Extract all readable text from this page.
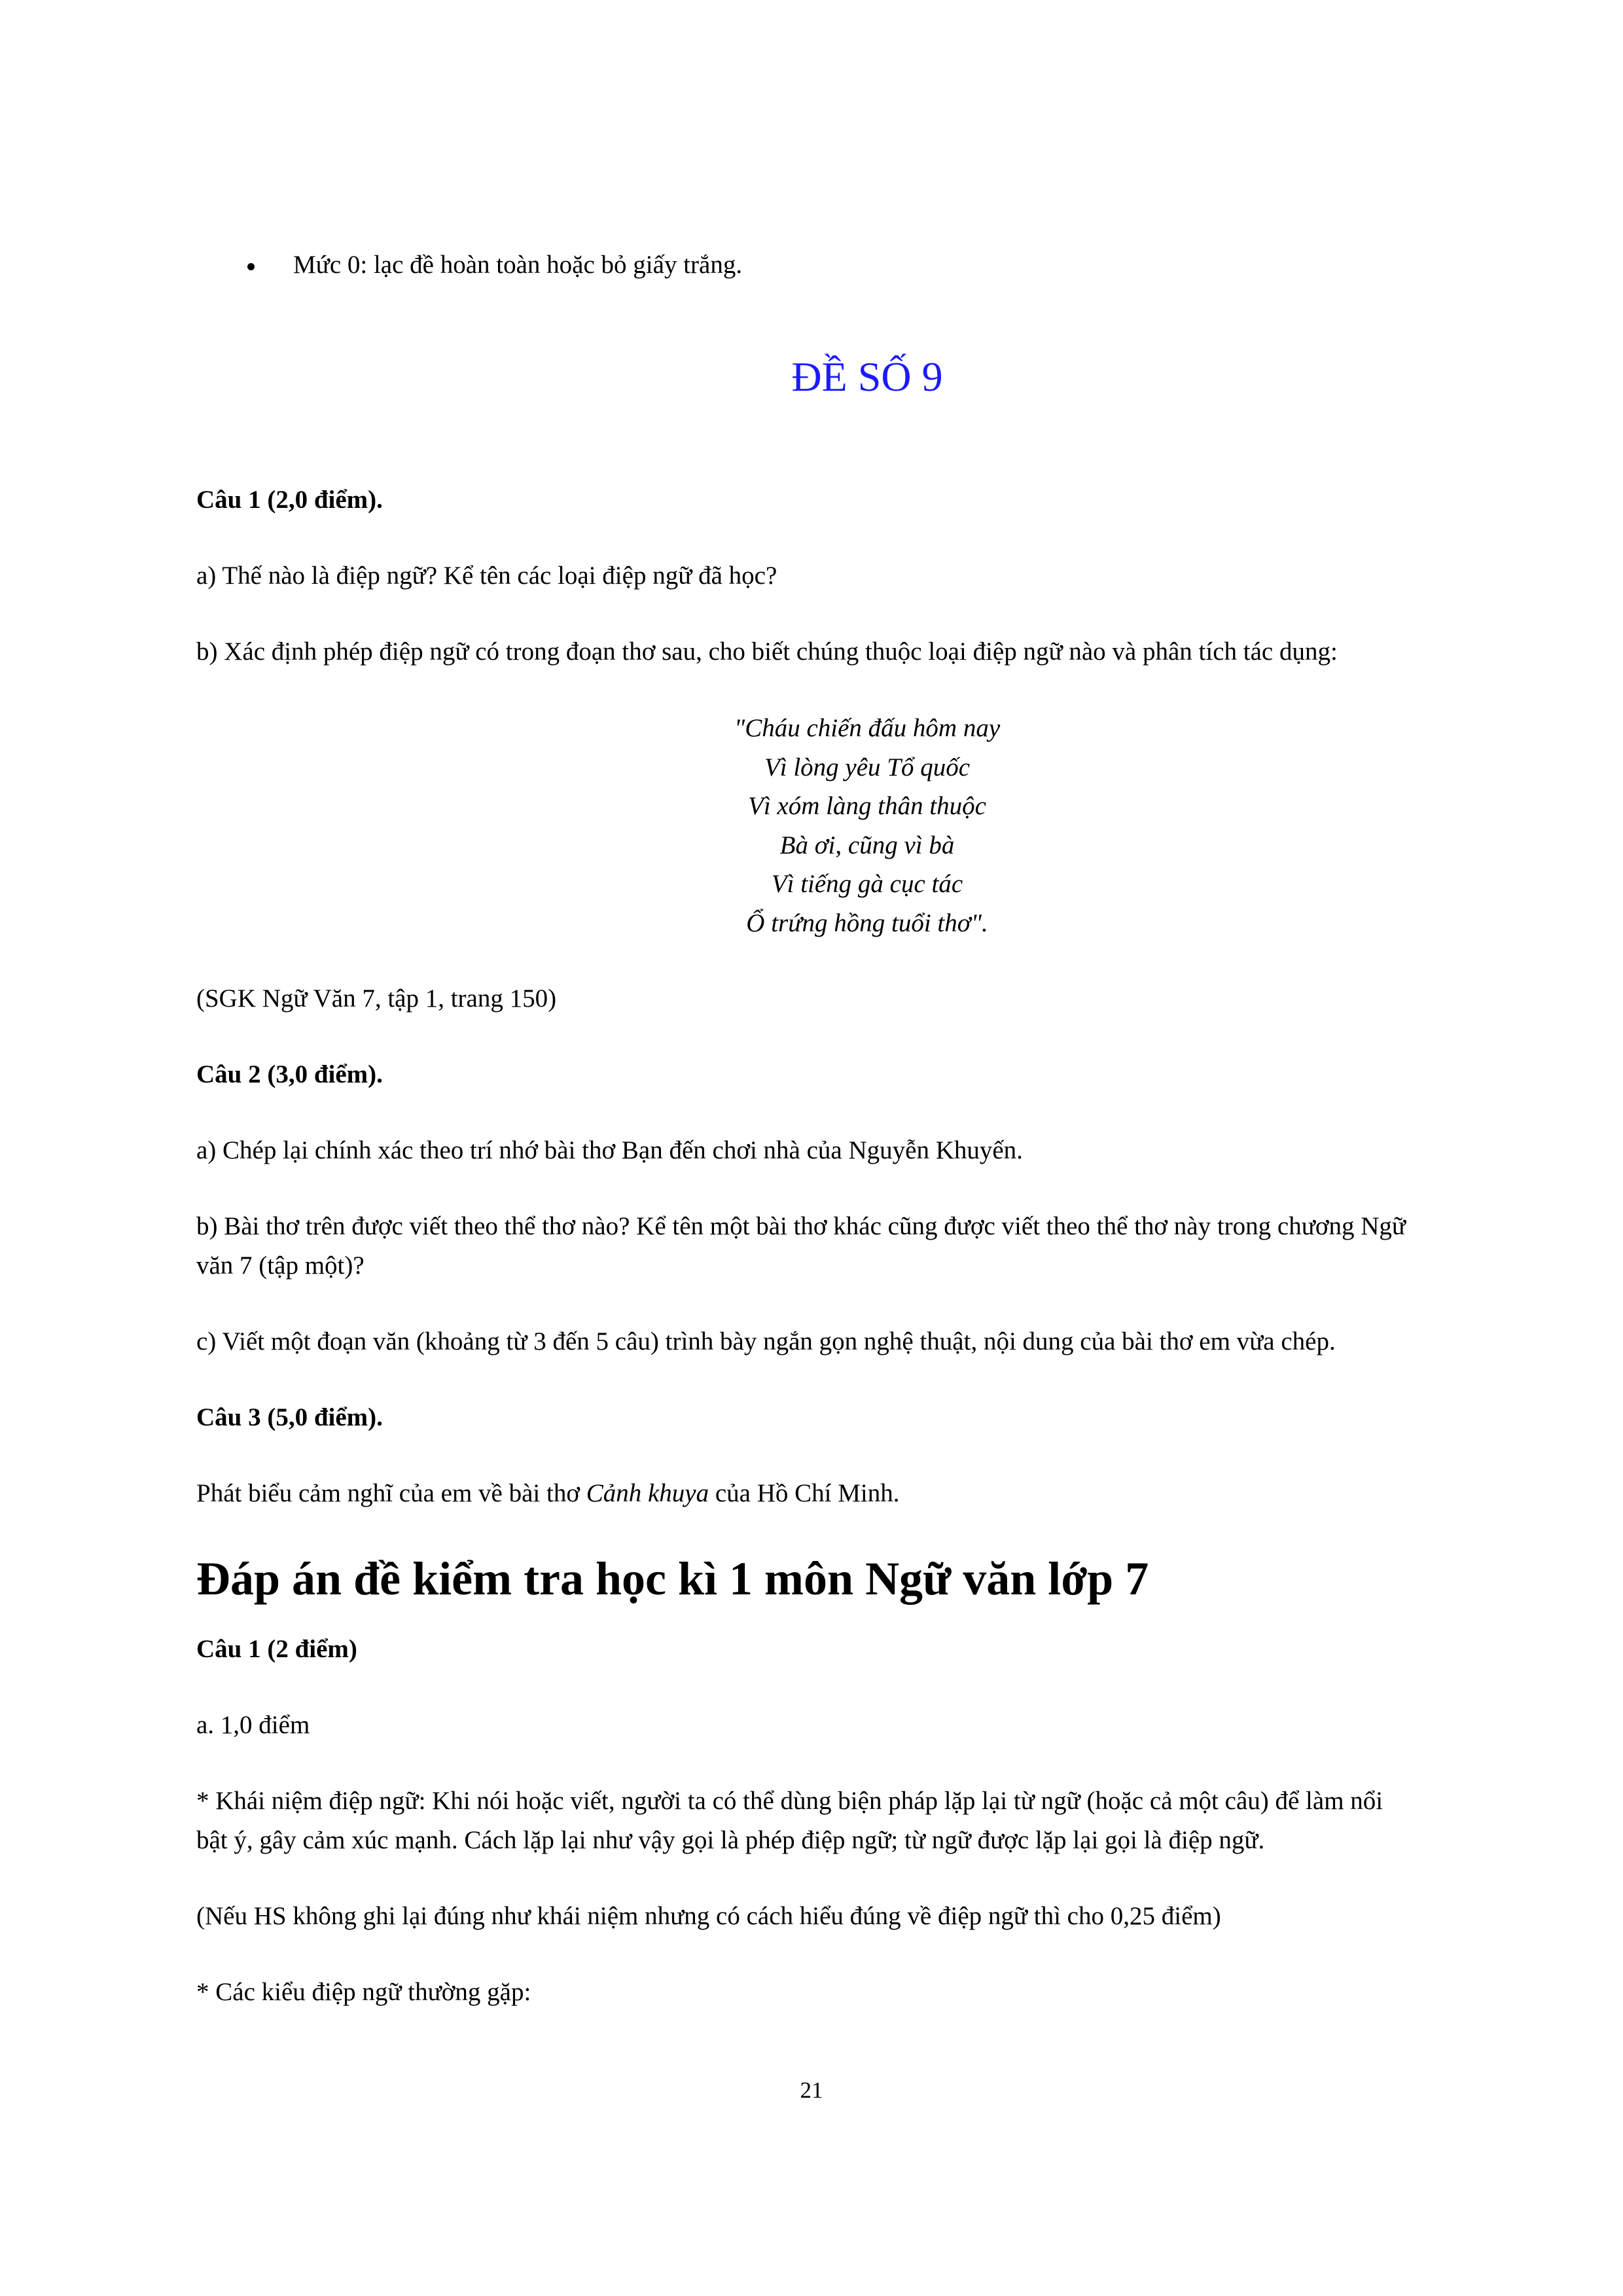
Mức 0: lạc đề hoàn toàn hoặc bỏ giấy trắng.
ĐỀ SỐ 9

Câu 1 (2,0 điểm).

a) Thế nào là điệp ngữ? Kể tên các loại điệp ngữ đã học?

b) Xác định phép điệp ngữ có trong đoạn thơ sau, cho biết chúng thuộc loại điệp ngữ nào và phân tích tác dụng:

"Cháu chiến đấu hôm nay
Vì lòng yêu Tổ quốc
Vì xóm làng thân thuộc
Bà ơi, cũng vì bà
Vì tiếng gà cục tác
Ổ trứng hồng tuổi thơ".

(SGK Ngữ Văn 7, tập 1, trang 150)

Câu 2 (3,0 điểm).

a) Chép lại chính xác theo trí nhớ bài thơ Bạn đến chơi nhà của Nguyễn Khuyến.

b) Bài thơ trên được viết theo thể thơ nào? Kể tên một bài thơ khác cũng được viết theo thể thơ này trong chương Ngữ
văn 7 (tập một)?

c) Viết một đoạn văn (khoảng từ 3 đến 5 câu) trình bày ngắn gọn nghệ thuật, nội dung của bài thơ em vừa chép.

Câu 3 (5,0 điểm).

Phát biểu cảm nghĩ của em về bài thơ Cảnh khuya của Hồ Chí Minh.

Đáp án đề kiểm tra học kì 1 môn Ngữ văn lớp 7

Câu 1 (2 điểm)

a. 1,0 điểm

* Khái niệm điệp ngữ: Khi nói hoặc viết, người ta có thể dùng biện pháp lặp lại từ ngữ (hoặc cả một câu) để làm nổi
bật ý, gây cảm xúc mạnh. Cách lặp lại như vậy gọi là phép điệp ngữ; từ ngữ được lặp lại gọi là điệp ngữ.

(Nếu HS không ghi lại đúng như khái niệm nhưng có cách hiểu đúng về điệp ngữ thì cho 0,25 điểm)

* Các kiểu điệp ngữ thường gặp:

21
